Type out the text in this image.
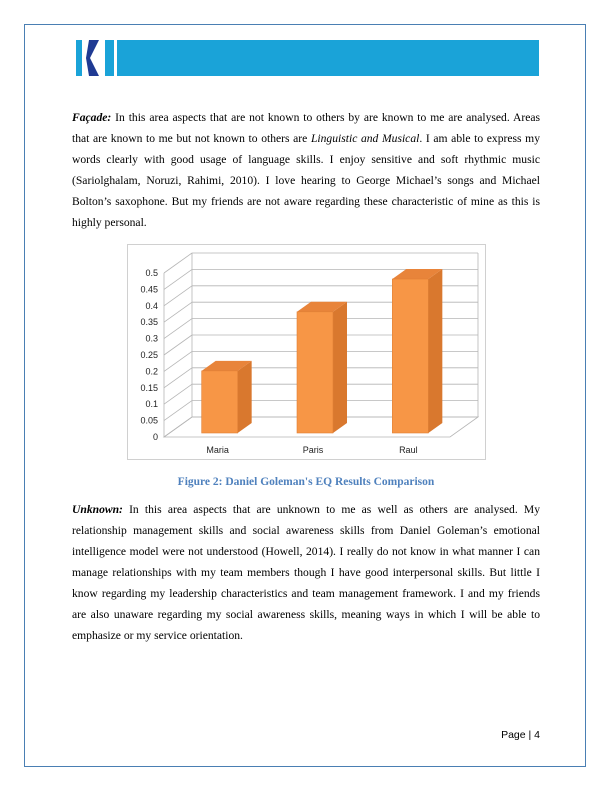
Façade: In this area aspects that are not known to others by are known to me are analysed. Areas that are known to me but not known to others are Linguistic and Musical. I am able to express my words clearly with good usage of language skills. I enjoy sensitive and soft rhythmic music (Sariolghalam, Noruzi, Rahimi, 2010). I love hearing to George Michael’s songs and Michael Bolton’s saxophone. But my friends are not aware regarding these characteristic of mine as this is highly personal.
0
0.05
0.1
0.15
0.2
0.25
0.3
0.35
0.4
0.45
0.5
Maria	Paris	Raul
Figure 2: Daniel Goleman's EQ Results Comparison
Unknown: In this area aspects that are unknown to me as well as others are analysed. My relationship management skills and social awareness skills from Daniel Goleman’s emotional intelligence model were not understood (Howell, 2014). I really do not know in what manner I can manage relationships with my team members though I have good interpersonal skills. But little I know regarding my leadership characteristics and team management framework. I and my friends are also unaware regarding my social awareness skills, meaning ways in which I will be able to emphasize or my service orientation.
Page | 4
